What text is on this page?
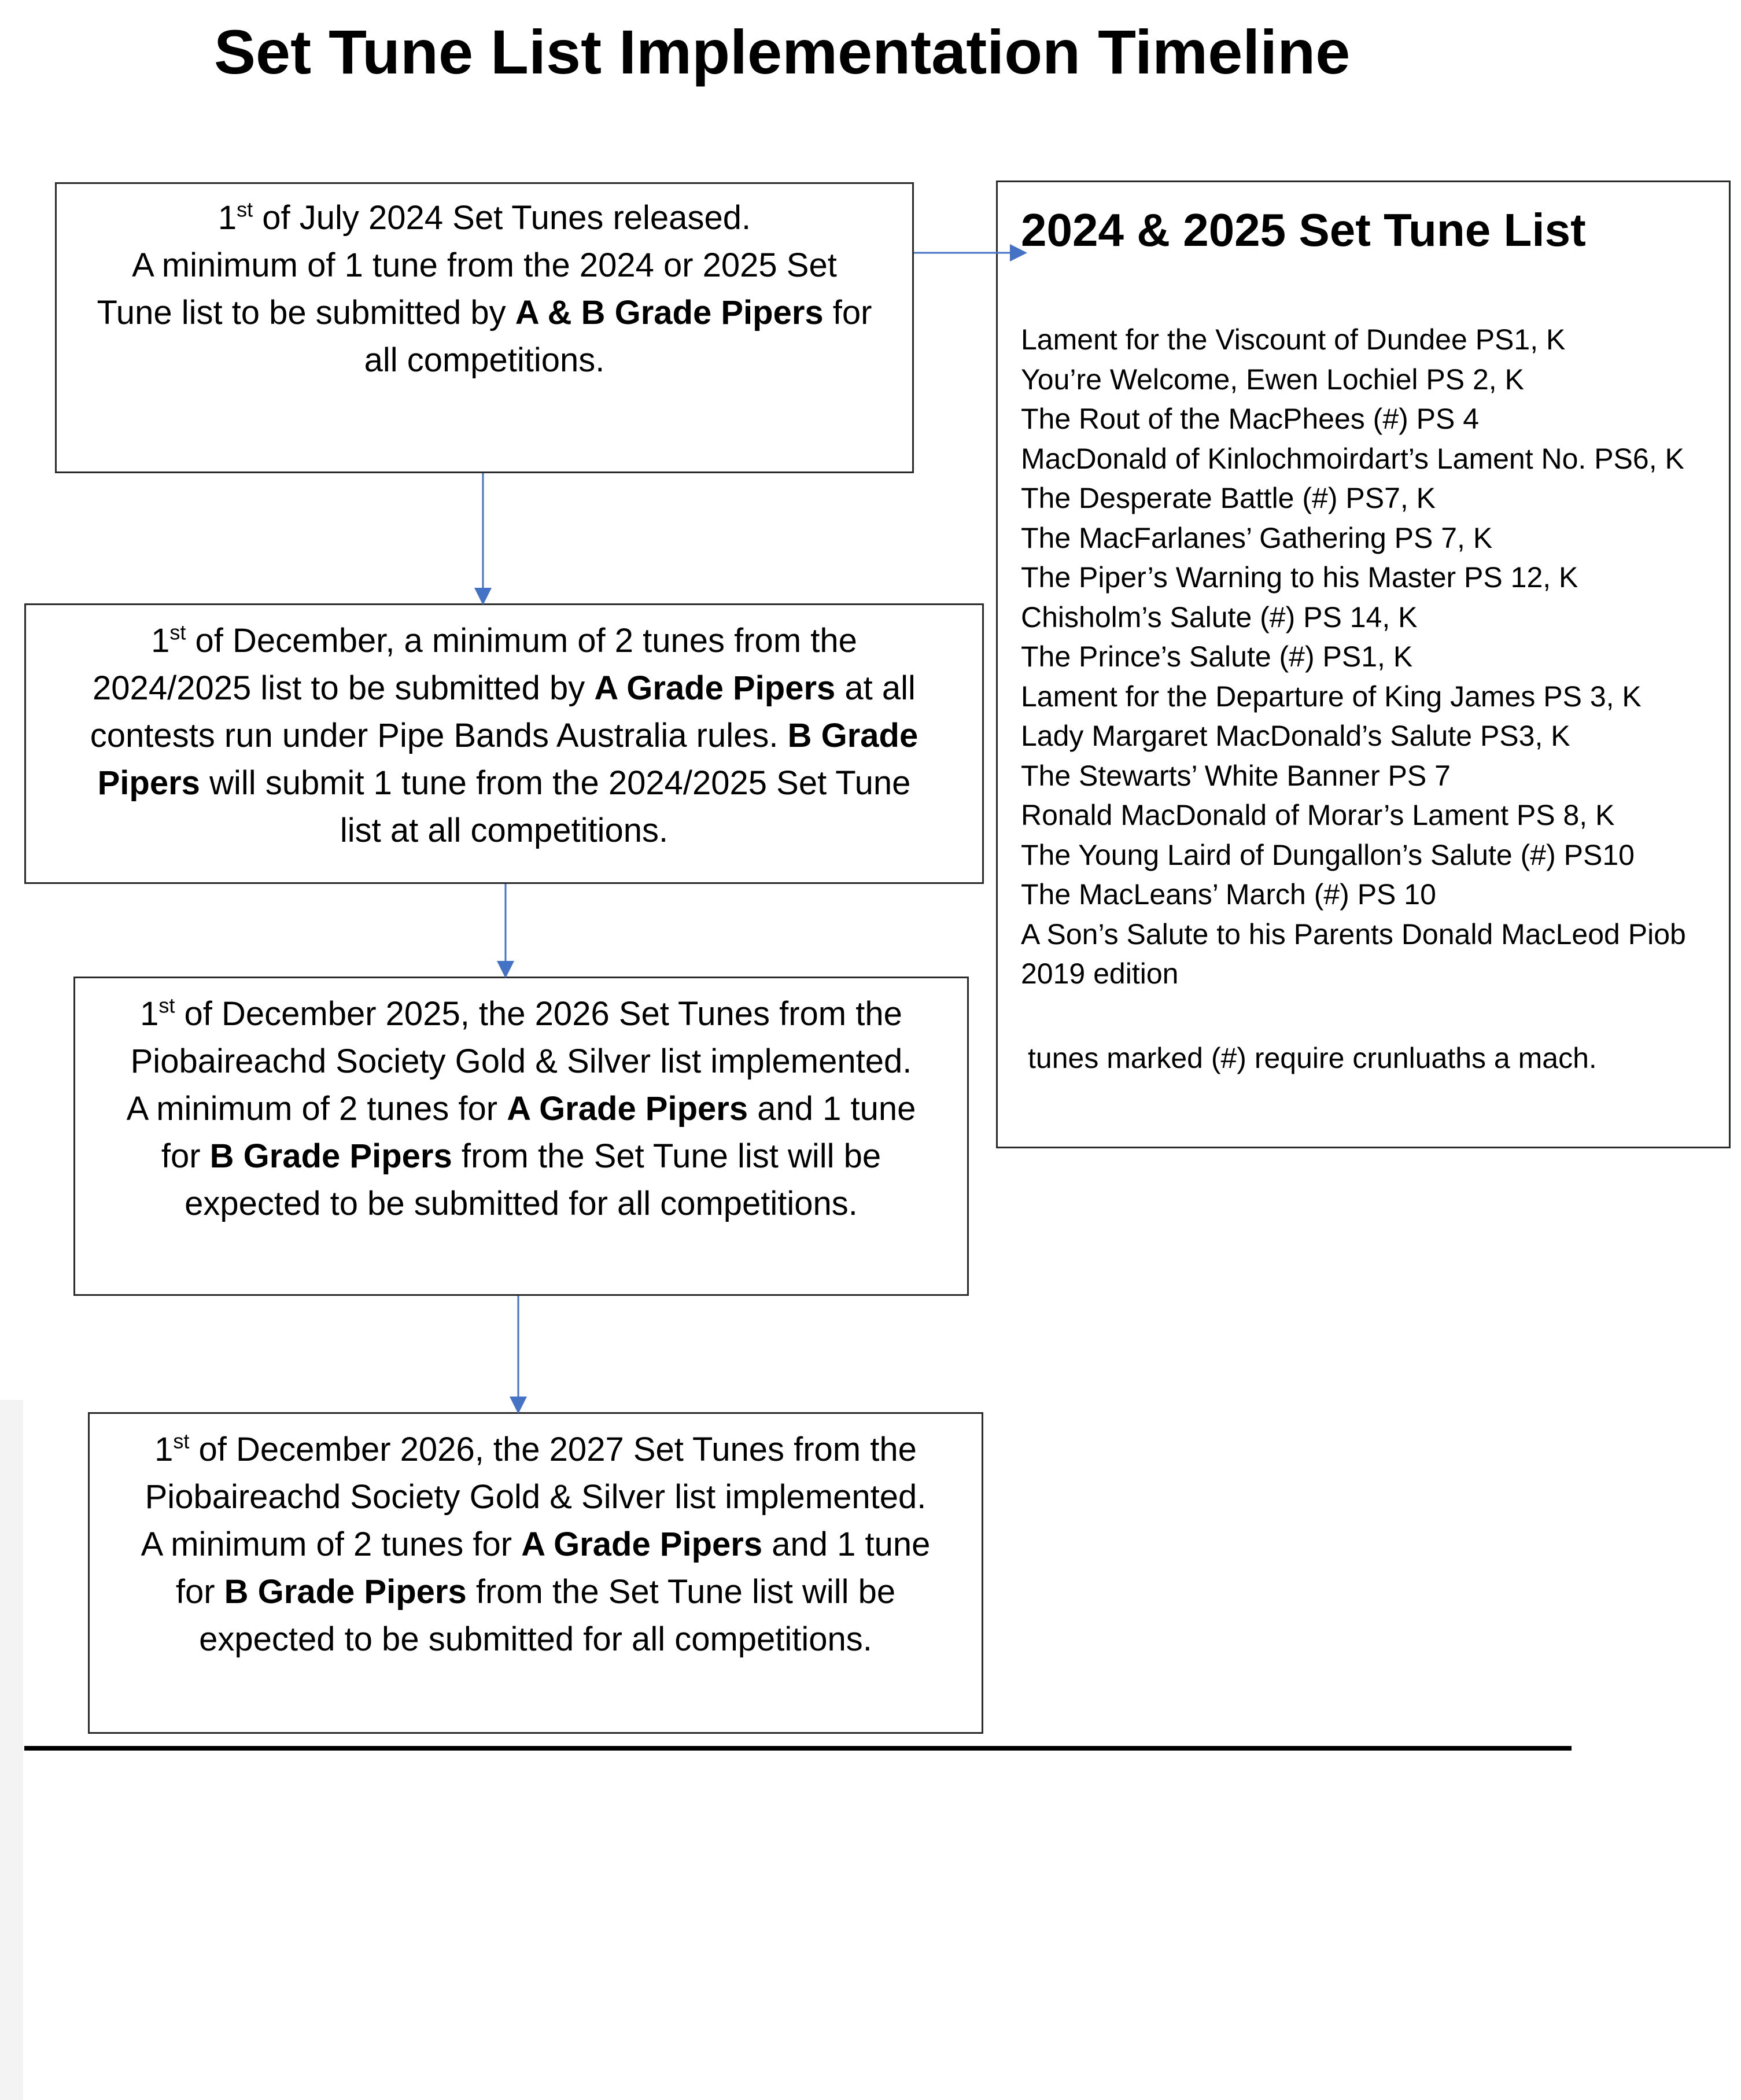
Set Tune List Implementation Timeline
1st of July 2024 Set Tunes released.
A minimum of 1 tune from the 2024 or 2025 Set
Tune list to be submitted by A & B Grade Pipers for
all competitions.
1st of December, a minimum of 2 tunes from the
2024/2025 list to be submitted by A Grade Pipers at all
contests run under Pipe Bands Australia rules. B Grade
Pipers will submit 1 tune from the 2024/2025 Set Tune
list at all competitions.
1st of December 2025, the 2026 Set Tunes from the
Piobaireachd Society Gold & Silver list implemented.
A minimum of 2 tunes for A Grade Pipers and 1 tune
for B Grade Pipers from the Set Tune list will be
expected to be submitted for all competitions.
1st of December 2026, the 2027 Set Tunes from the
Piobaireachd Society Gold & Silver list implemented.
A minimum of 2 tunes for A Grade Pipers and 1 tune
for B Grade Pipers from the Set Tune list will be
expected to be submitted for all competitions.
2024 & 2025 Set Tune List
Lament for the Viscount of Dundee PS1, K
You’re Welcome, Ewen Lochiel PS 2, K
The Rout of the MacPhees (#) PS 4
MacDonald of Kinlochmoirdart’s Lament No. PS6, K
The Desperate Battle (#) PS7, K
The MacFarlanes’ Gathering PS 7, K
The Piper’s Warning to his Master PS 12, K
Chisholm’s Salute (#) PS 14, K
The Prince’s Salute (#) PS1, K
Lament for the Departure of King James PS 3, K
Lady Margaret MacDonald’s Salute PS3, K
The Stewarts’ White Banner PS 7
Ronald MacDonald of Morar’s Lament PS 8, K
The Young Laird of Dungallon’s Salute (#) PS10
The MacLeans’ March (#) PS 10
A Son’s Salute to his Parents Donald MacLeod Piob 2019 edition
tunes marked (#) require crunluaths a mach.
